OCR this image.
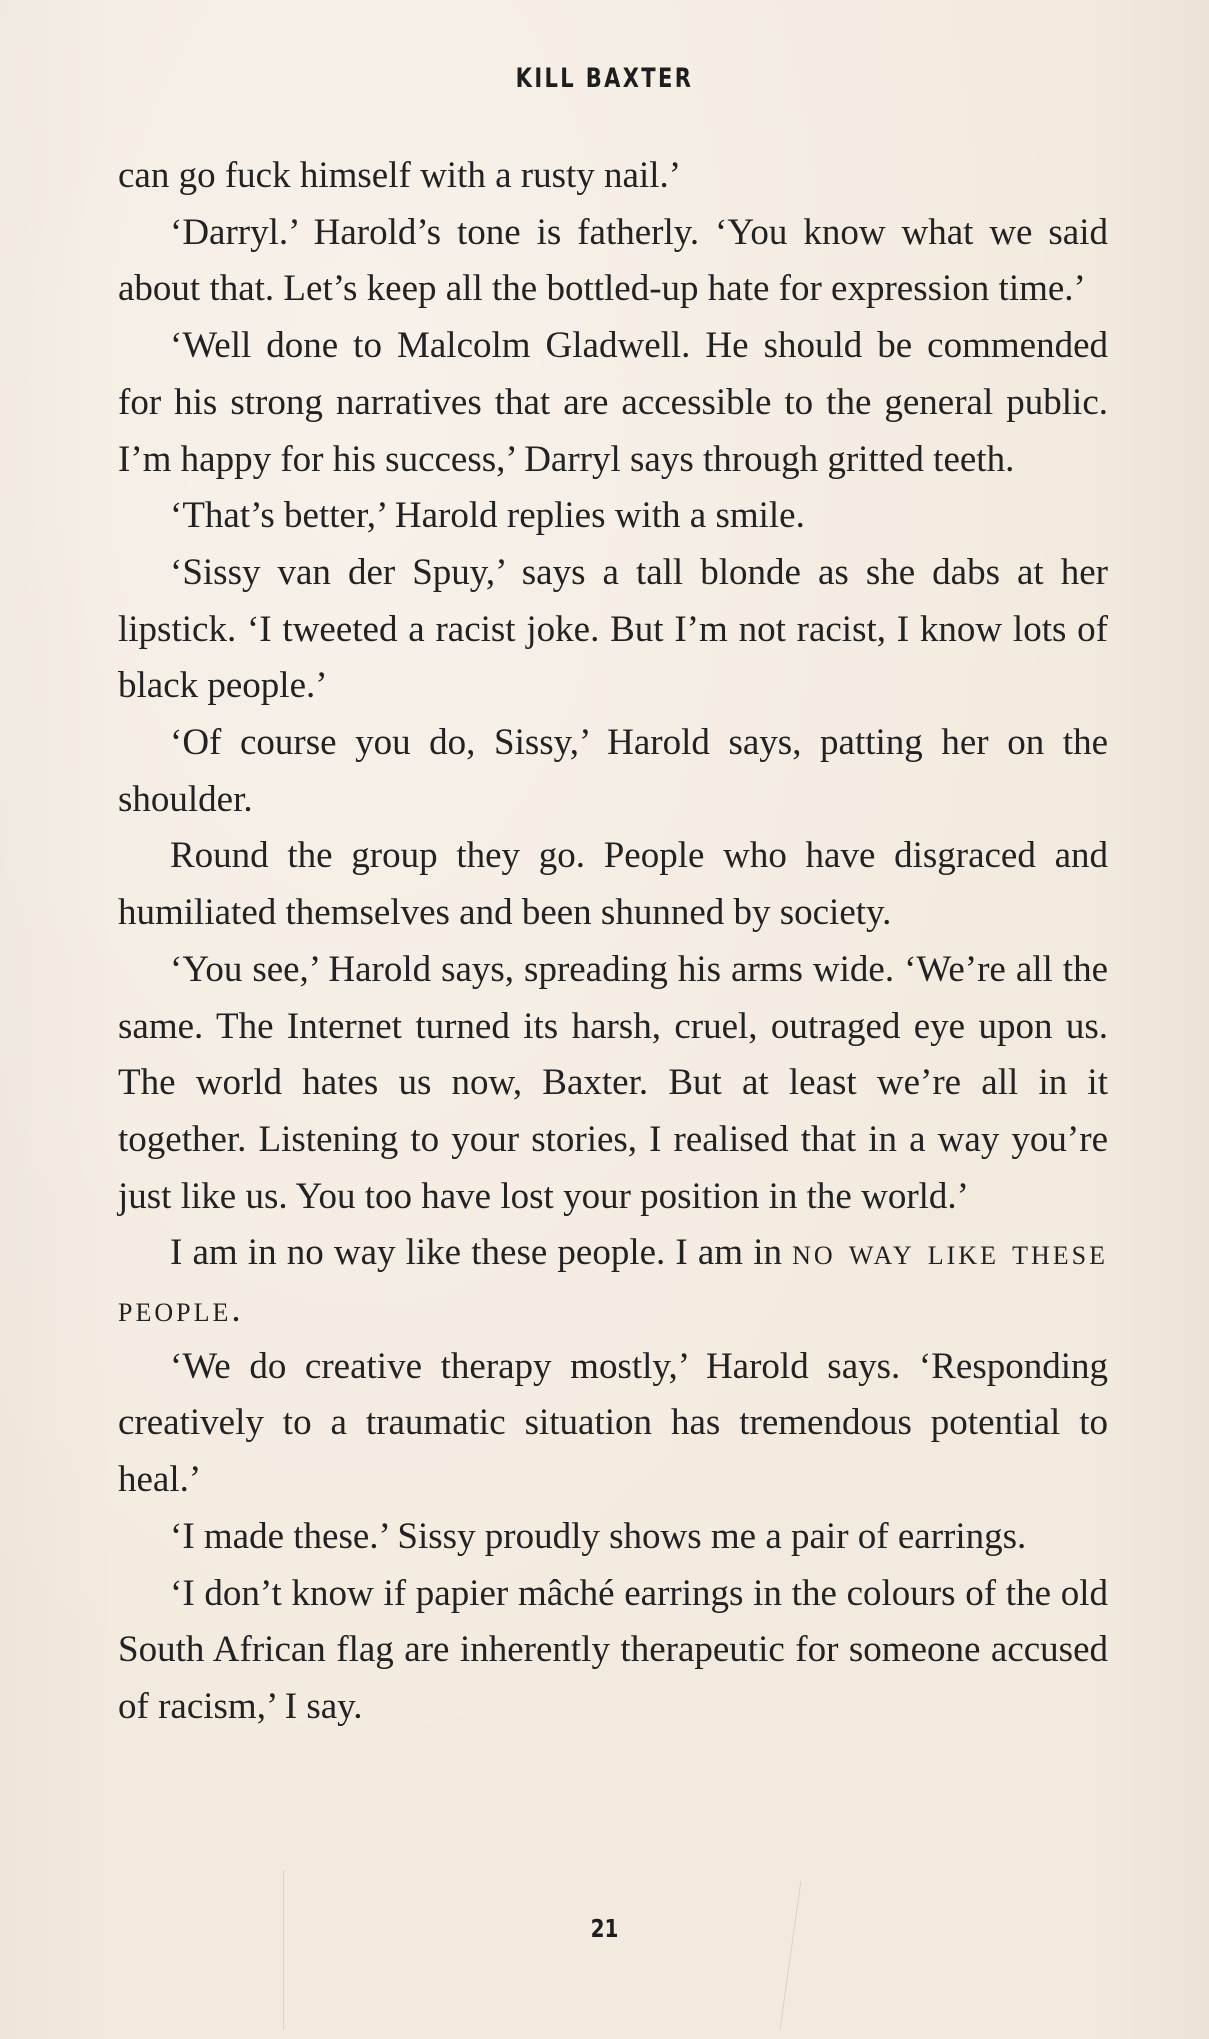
KILL BAXTER

can go fuck himself with a rusty nail.’

‘Darryl.’ Harold’s tone is fatherly. ‘You know what we said about that. Let’s keep all the bottled-up hate for expression time.’

‘Well done to Malcolm Gladwell. He should be commended for his strong narratives that are accessible to the general public. I’m happy for his success,’ Darryl says through gritted teeth.

‘That’s better,’ Harold replies with a smile.

‘Sissy van der Spuy,’ says a tall blonde as she dabs at her lipstick. ‘I tweeted a racist joke. But I’m not racist, I know lots of black people.’

‘Of course you do, Sissy,’ Harold says, patting her on the shoulder.

Round the group they go. People who have disgraced and humiliated themselves and been shunned by society.

‘You see,’ Harold says, spreading his arms wide. ‘We’re all the same. The Internet turned its harsh, cruel, outraged eye upon us. The world hates us now, Baxter. But at least we’re all in it together. Listening to your stories, I realised that in a way you’re just like us. You too have lost your position in the world.’

I am in no way like these people. I am in no way like these people.

‘We do creative therapy mostly,’ Harold says. ‘Responding creatively to a traumatic situation has tremendous potential to heal.’

‘I made these.’ Sissy proudly shows me a pair of earrings.

‘I don’t know if papier mâché earrings in the colours of the old South African flag are inherently therapeutic for someone accused of racism,’ I say.

21
